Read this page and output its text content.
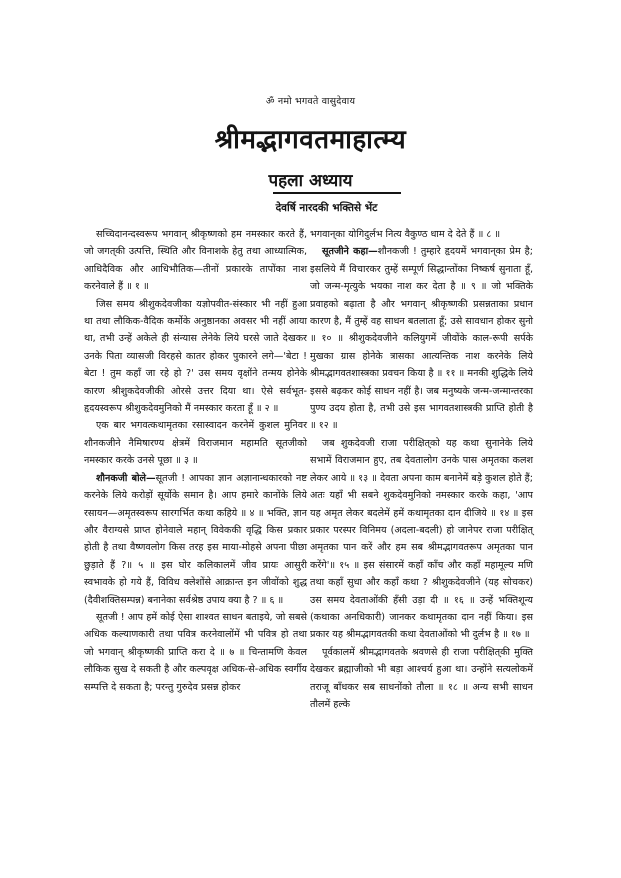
ॐ नमो भगवते वासुदेवाय
श्रीमद्भागवतमाहात्म्य
पहला अध्याय
देवर्षि नारदकी भक्तिसे भेंट

सच्चिदानन्दस्वरूप भगवान् श्रीकृष्णको हम नमस्कार करते हैं, जो जगत्‌की उत्पत्ति, स्थिति और विनाशके हेतु तथा आध्यात्मिक, आधिदैविक और आधिभौतिक—तीनों प्रकारके तापोंका नाश करनेवाले हैं ॥ १ ॥

जिस समय श्रीशुकदेवजीका यज्ञोपवीत-संस्कार भी नहीं हुआ था तथा लौकिक-वैदिक कर्मोके अनुष्ठानका अवसर भी नहीं आया था, तभी उन्हें अकेले ही संन्यास लेनेके लिये घरसे जाते देखकर उनके पिता व्यासजी विरहसे कातर होकर पुकारने लगे—'बेटा ! बेटा ! तुम कहाँ जा रहे हो ?' उस समय वृक्षोंने तन्मय होनेके कारण श्रीशुकदेवजीकी ओरसे उत्तर दिया था। ऐसे सर्वभूत-हृदयस्वरूप श्रीशुकदेवमुनिको मैं नमस्कार करता हूँ ॥ २ ॥

एक बार भगवत्कथामृतका रसास्वादन करनेमें कुशल मुनिवर शौनकजीने नैमिषारण्य क्षेत्रमें विराजमान महामति सूतजीको नमस्कार करके उनसे पूछा ॥ ३ ॥

शौनकजी बोले—सूतजी ! आपका ज्ञान अज्ञानान्धकारको नष्ट करनेके लिये करोड़ों सूर्योके समान है। आप हमारे कानोंके लिये रसायन—अमृतस्वरूप सारगर्भित कथा कहिये ॥ ४ ॥ भक्ति, ज्ञान और वैराग्यसे प्राप्त होनेवाले महान् विवेककी वृद्धि किस प्रकार होती है तथा वैष्णवलोग किस तरह इस माया-मोहसे अपना पीछा छुड़ाते हैं ?॥ ५ ॥ इस घोर कलिकालमें जीव प्रायः आसुरी स्वभावके हो गये हैं, विविध क्लेशोंसे आक्रान्त इन जीवोंको शुद्ध (दैवीशक्तिसम्पन्न) बनानेका सर्वश्रेष्ठ उपाय क्या है ? ॥ ६ ॥

सूतजी ! आप हमें कोई ऐसा शाश्वत साधन बताइये, जो सबसे अधिक कल्याणकारी तथा पवित्र करनेवालोंमें भी पवित्र हो तथा जो भगवान् श्रीकृष्णकी प्राप्ति करा दे ॥ ७ ॥ चिन्तामणि केवल लौकिक सुख दे सकती है और कल्पवृक्ष अधिक-से-अधिक स्वर्गीय सम्पत्ति दे सकता है; परन्तु गुरुदेव प्रसन्न होकर

भगवान्‌का योगिदुर्लभ नित्य वैकुण्ठ धाम दे देते हैं ॥ ८ ॥

सूतजीने कहा—शौनकजी ! तुम्हारे हृदयमें भगवान्‌का प्रेम है; इसलिये मैं विचारकर तुम्हें सम्पूर्ण सिद्धान्तोंका निष्कर्ष सुनाता हूँ, जो जन्म-मृत्युके भयका नाश कर देता है ॥ ९ ॥ जो भक्तिके प्रवाहको बढ़ाता है और भगवान् श्रीकृष्णकी प्रसन्नताका प्रधान कारण है, मैं तुम्हें वह साधन बतलाता हूँ; उसे सावधान होकर सुनो ॥ १० ॥ श्रीशुकदेवजीने कलियुगमें जीवोंके काल-रूपी सर्पके मुखका ग्रास होनेके त्रासका आत्यन्तिक नाश करनेके लिये श्रीमद्भागवतशास्त्रका प्रवचन किया है ॥ ११ ॥ मनकी शुद्धिके लिये इससे बढ़कर कोई साधन नहीं है। जब मनुष्यके जन्म-जन्मान्तरका पुण्य उदय होता है, तभी उसे इस भागवतशास्त्रकी प्राप्ति होती है ॥ १२ ॥

जब शुकदेवजी राजा परीक्षित्‌को यह कथा सुनानेके लिये सभामें विराजमान हुए, तब देवतालोग उनके पास अमृतका कलश लेकर आये ॥ १३ ॥ देवता अपना काम बनानेमें बड़े कुशल होते हैं; अतः यहाँ भी सबने शुकदेवमुनिको नमस्कार करके कहा, 'आप यह अमृत लेकर बदलेमें हमें कथामृतका दान दीजिये ॥ १४ ॥ इस प्रकार परस्पर विनिमय (अदला-बदली) हो जानेपर राजा परीक्षित् अमृतका पान करें और हम सब श्रीमद्भागवतरूप अमृतका पान करेंगे'॥ १५ ॥ इस संसारमें कहाँ काँच और कहाँ महामूल्य मणि तथा कहाँ सुधा और कहाँ कथा ? श्रीशुकदेवजीने (यह सोचकर) उस समय देवताओंकी हँसी उड़ा दी ॥ १६ ॥ उन्हें भक्तिशून्य (कथाका अनधिकारी) जानकर कथामृतका दान नहीं किया। इस प्रकार यह श्रीमद्भागवतकी कथा देवताओंको भी दुर्लभ है ॥ १७ ॥

पूर्वकालमें श्रीमद्भागवतके श्रवणसे ही राजा परीक्षित्‌की मुक्ति देखकर ब्रह्माजीको भी बड़ा आश्चर्य हुआ था। उन्होंने सत्यलोकमें तराजू बाँधकर सब साधनोंको तौला ॥ १८ ॥ अन्य सभी साधन तौलमें हल्के
